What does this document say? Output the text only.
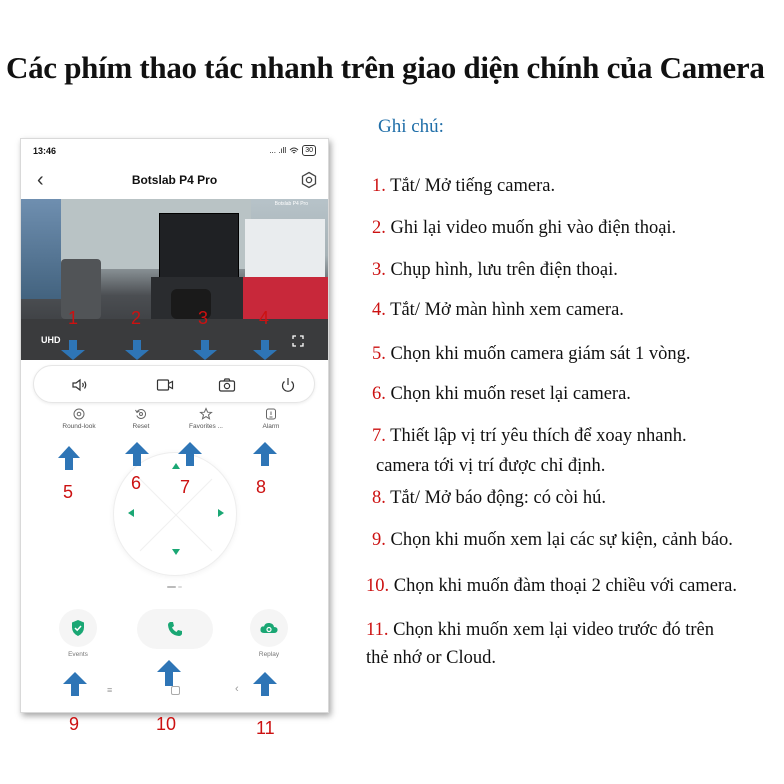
Các phím thao tác nhanh trên giao diện chính của Camera
13:46	... .ıll	30
‹	Botslab P4 Pro
Botslab P4 Pro
UHD
Round-look	Reset	Favorites ...	Alarm
Events	Replay
≡	‹
1	2	3	4
5	6 7	8
9	10	11
Ghi chú:
1. Tắt/ Mở tiếng camera.
2. Ghi lại video muốn ghi vào điện thoại.
3. Chụp hình, lưu trên điện thoại.
4. Tắt/ Mở màn hình xem camera.
5. Chọn khi muốn camera giám sát 1 vòng.
6. Chọn khi muốn reset lại camera.
7. Thiết lập vị trí yêu thích để xoay nhanh.
camera tới vị trí được chỉ định.
8. Tắt/ Mở báo động: có còi hú.
9. Chọn khi muốn xem lại các sự kiện, cảnh báo.
10. Chọn khi muốn đàm thoại 2 chiều với camera.
11. Chọn khi muốn xem lại video trước đó trên
thẻ nhớ or Cloud.
